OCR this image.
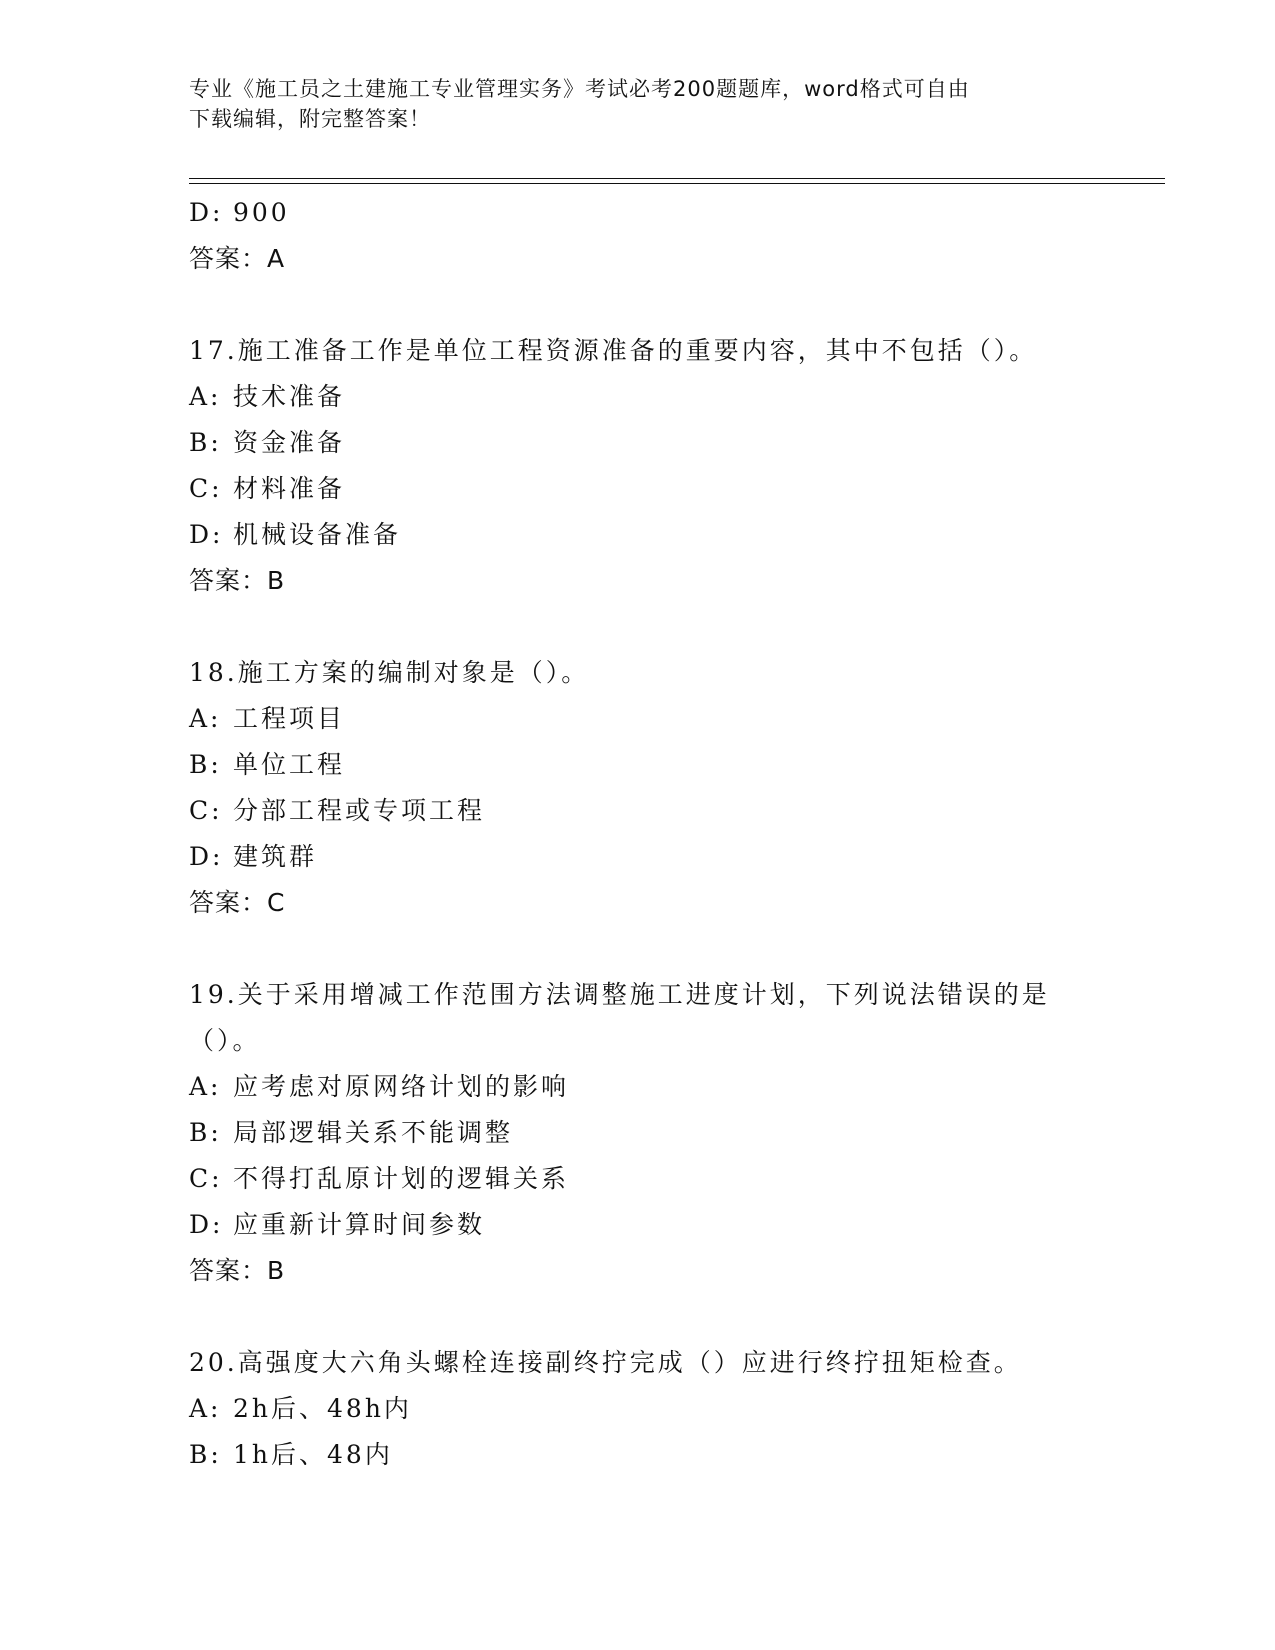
专业《施工员之土建施工专业管理实务》考试必考200题题库，word格式可自由
下载编辑，附完整答案！
D: 900
答案：A
17.施工准备工作是单位工程资源准备的重要内容，其中不包括（）。
A: 技术准备
B: 资金准备
C: 材料准备
D: 机械设备准备
答案：B
18.施工方案的编制对象是（）。
A: 工程项目
B: 单位工程
C: 分部工程或专项工程
D: 建筑群
答案：C
19.关于采用增减工作范围方法调整施工进度计划，下列说法错误的是
（）。
A: 应考虑对原网络计划的影响
B: 局部逻辑关系不能调整
C: 不得打乱原计划的逻辑关系
D: 应重新计算时间参数
答案：B
20.高强度大六角头螺栓连接副终拧完成（）应进行终拧扭矩检查。
A: 2h后、48h内
B: 1h后、48内
